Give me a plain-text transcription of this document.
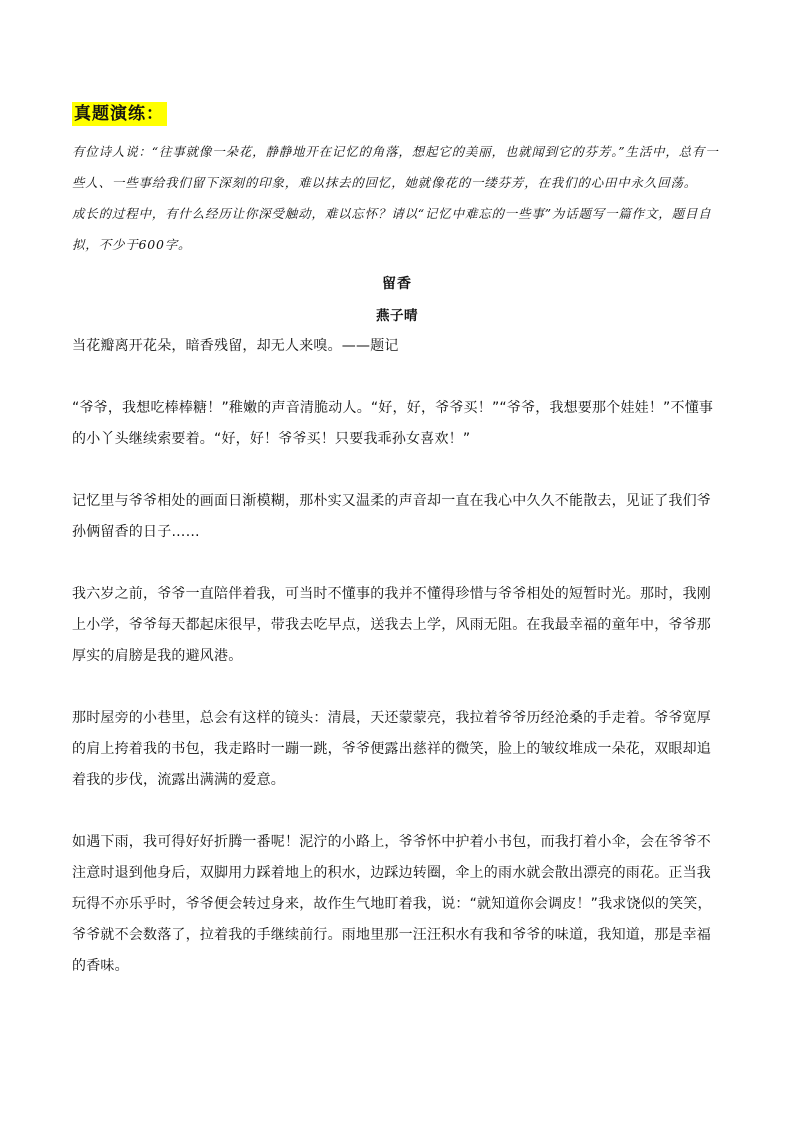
真题演练：

有位诗人说：“往事就像一朵花，静静地开在记忆的角落，想起它的美丽，也就闻到它的芬芳。”生活中，总有一些人、一些事给我们留下深刻的印象，难以抹去的回忆，她就像花的一缕芬芳，在我们的心田中永久回荡。

成长的过程中，有什么经历让你深受触动，难以忘怀？请以“记忆中难忘的一些事”为话题写一篇作文，题目自拟，不少于600字。

留香
燕子晴

当花瓣离开花朵，暗香残留，却无人来嗅。——题记

“爷爷，我想吃棒棒糖！”稚嫩的声音清脆动人。“好，好，爷爷买！”“爷爷，我想要那个娃娃！”不懂事的小丫头继续索要着。“好，好！爷爷买！只要我乖孙女喜欢！”

记忆里与爷爷相处的画面日渐模糊，那朴实又温柔的声音却一直在我心中久久不能散去，见证了我们爷孙俩留香的日子……

我六岁之前，爷爷一直陪伴着我，可当时不懂事的我并不懂得珍惜与爷爷相处的短暂时光。那时，我刚上小学，爷爷每天都起床很早，带我去吃早点，送我去上学，风雨无阻。在我最幸福的童年中，爷爷那厚实的肩膀是我的避风港。

那时屋旁的小巷里，总会有这样的镜头：清晨，天还蒙蒙亮，我拉着爷爷历经沧桑的手走着。爷爷宽厚的肩上挎着我的书包，我走路时一蹦一跳，爷爷便露出慈祥的微笑，脸上的皱纹堆成一朵花，双眼却追着我的步伐，流露出满满的爱意。

如遇下雨，我可得好好折腾一番呢！泥泞的小路上，爷爷怀中护着小书包，而我打着小伞，会在爷爷不注意时退到他身后，双脚用力踩着地上的积水，边踩边转圈，伞上的雨水就会散出漂亮的雨花。正当我玩得不亦乐乎时，爷爷便会转过身来，故作生气地盯着我，说：“就知道你会调皮！”我求饶似的笑笑，爷爷就不会数落了，拉着我的手继续前行。雨地里那一汪汪积水有我和爷爷的味道，我知道，那是幸福的香味。
